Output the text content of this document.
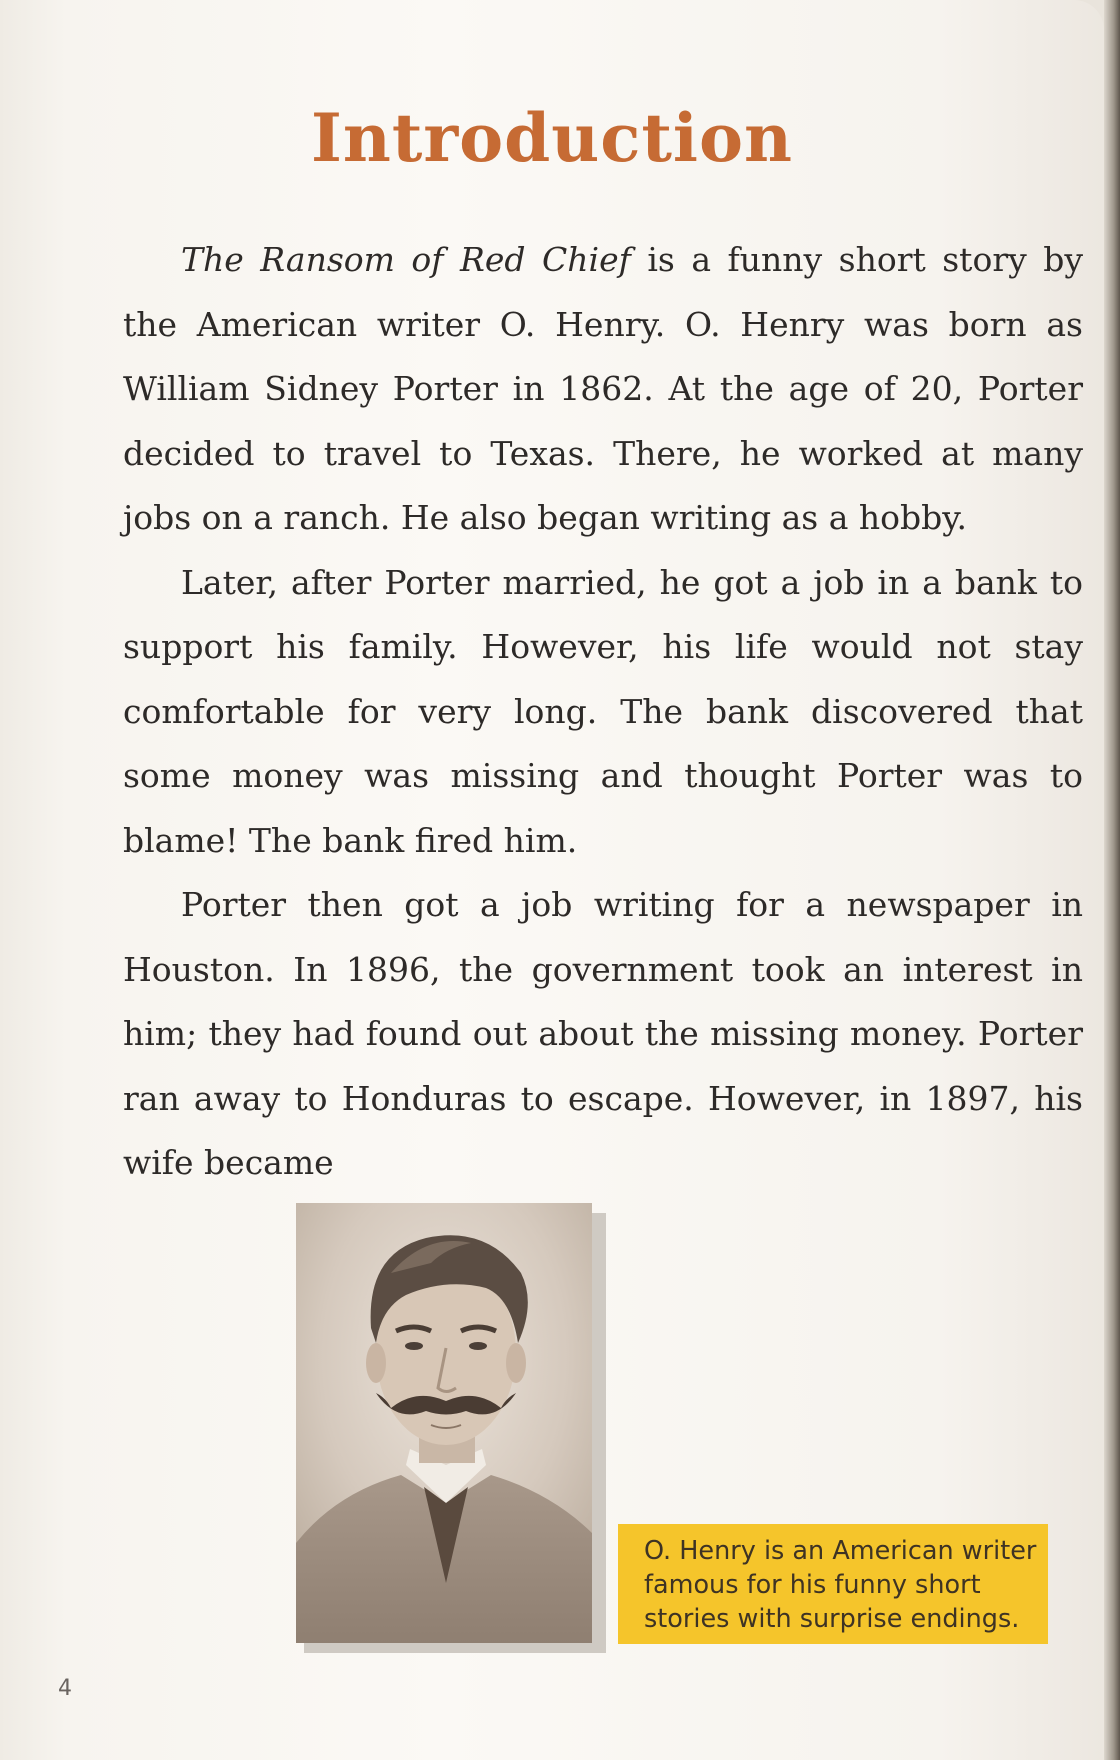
Introduction

The Ransom of Red Chief is a funny short story by the American writer O. Henry. O. Henry was born as William Sidney Porter in 1862. At the age of 20, Porter decided to travel to Texas. There, he worked at many jobs on a ranch. He also began writing as a hobby.

Later, after Porter married, he got a job in a bank to support his family. However, his life would not stay comfortable for very long. The bank discovered that some money was missing and thought Porter was to blame! The bank fired him.

Porter then got a job writing for a newspaper in Houston. In 1896, the government took an interest in him; they had found out about the missing money. Porter ran away to Honduras to escape. However, in 1897, his wife became

O. Henry is an American writer
famous for his funny short
stories with surprise endings.
4
